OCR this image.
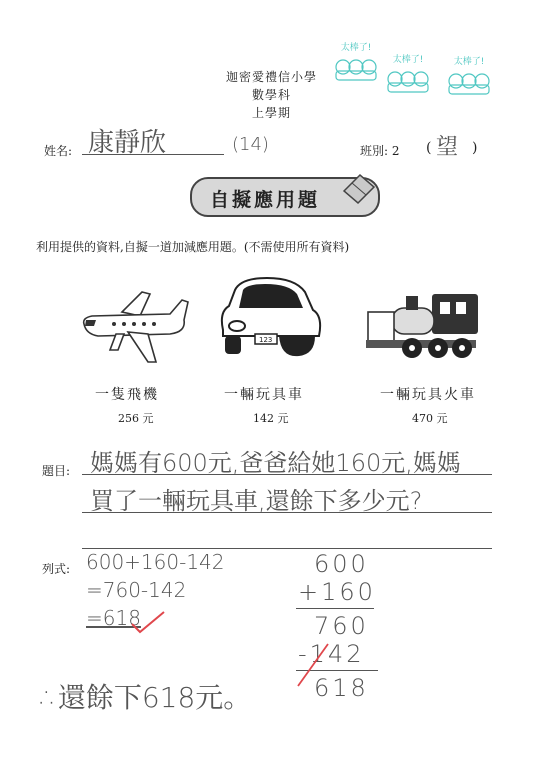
迦密愛禮信小學
數學科
上學期
太棒了!
太棒了!	太棒了!
姓名: 康靜欣	(14)	班別: 2 ( 望 )
自擬應用題
利用提供的資料,自擬一道加減應用題。(不需使用所有資料)
123
一隻飛機
256 元
一輛玩具車
142 元
一輛玩具火車
470 元
題目: 媽媽有600元,爸爸給她160元,媽媽
買了一輛玩具車,還餘下多少元?
列式: 600+160-142
=760-142
=618
600
+160
760
-142
618
∴還餘下618元。
